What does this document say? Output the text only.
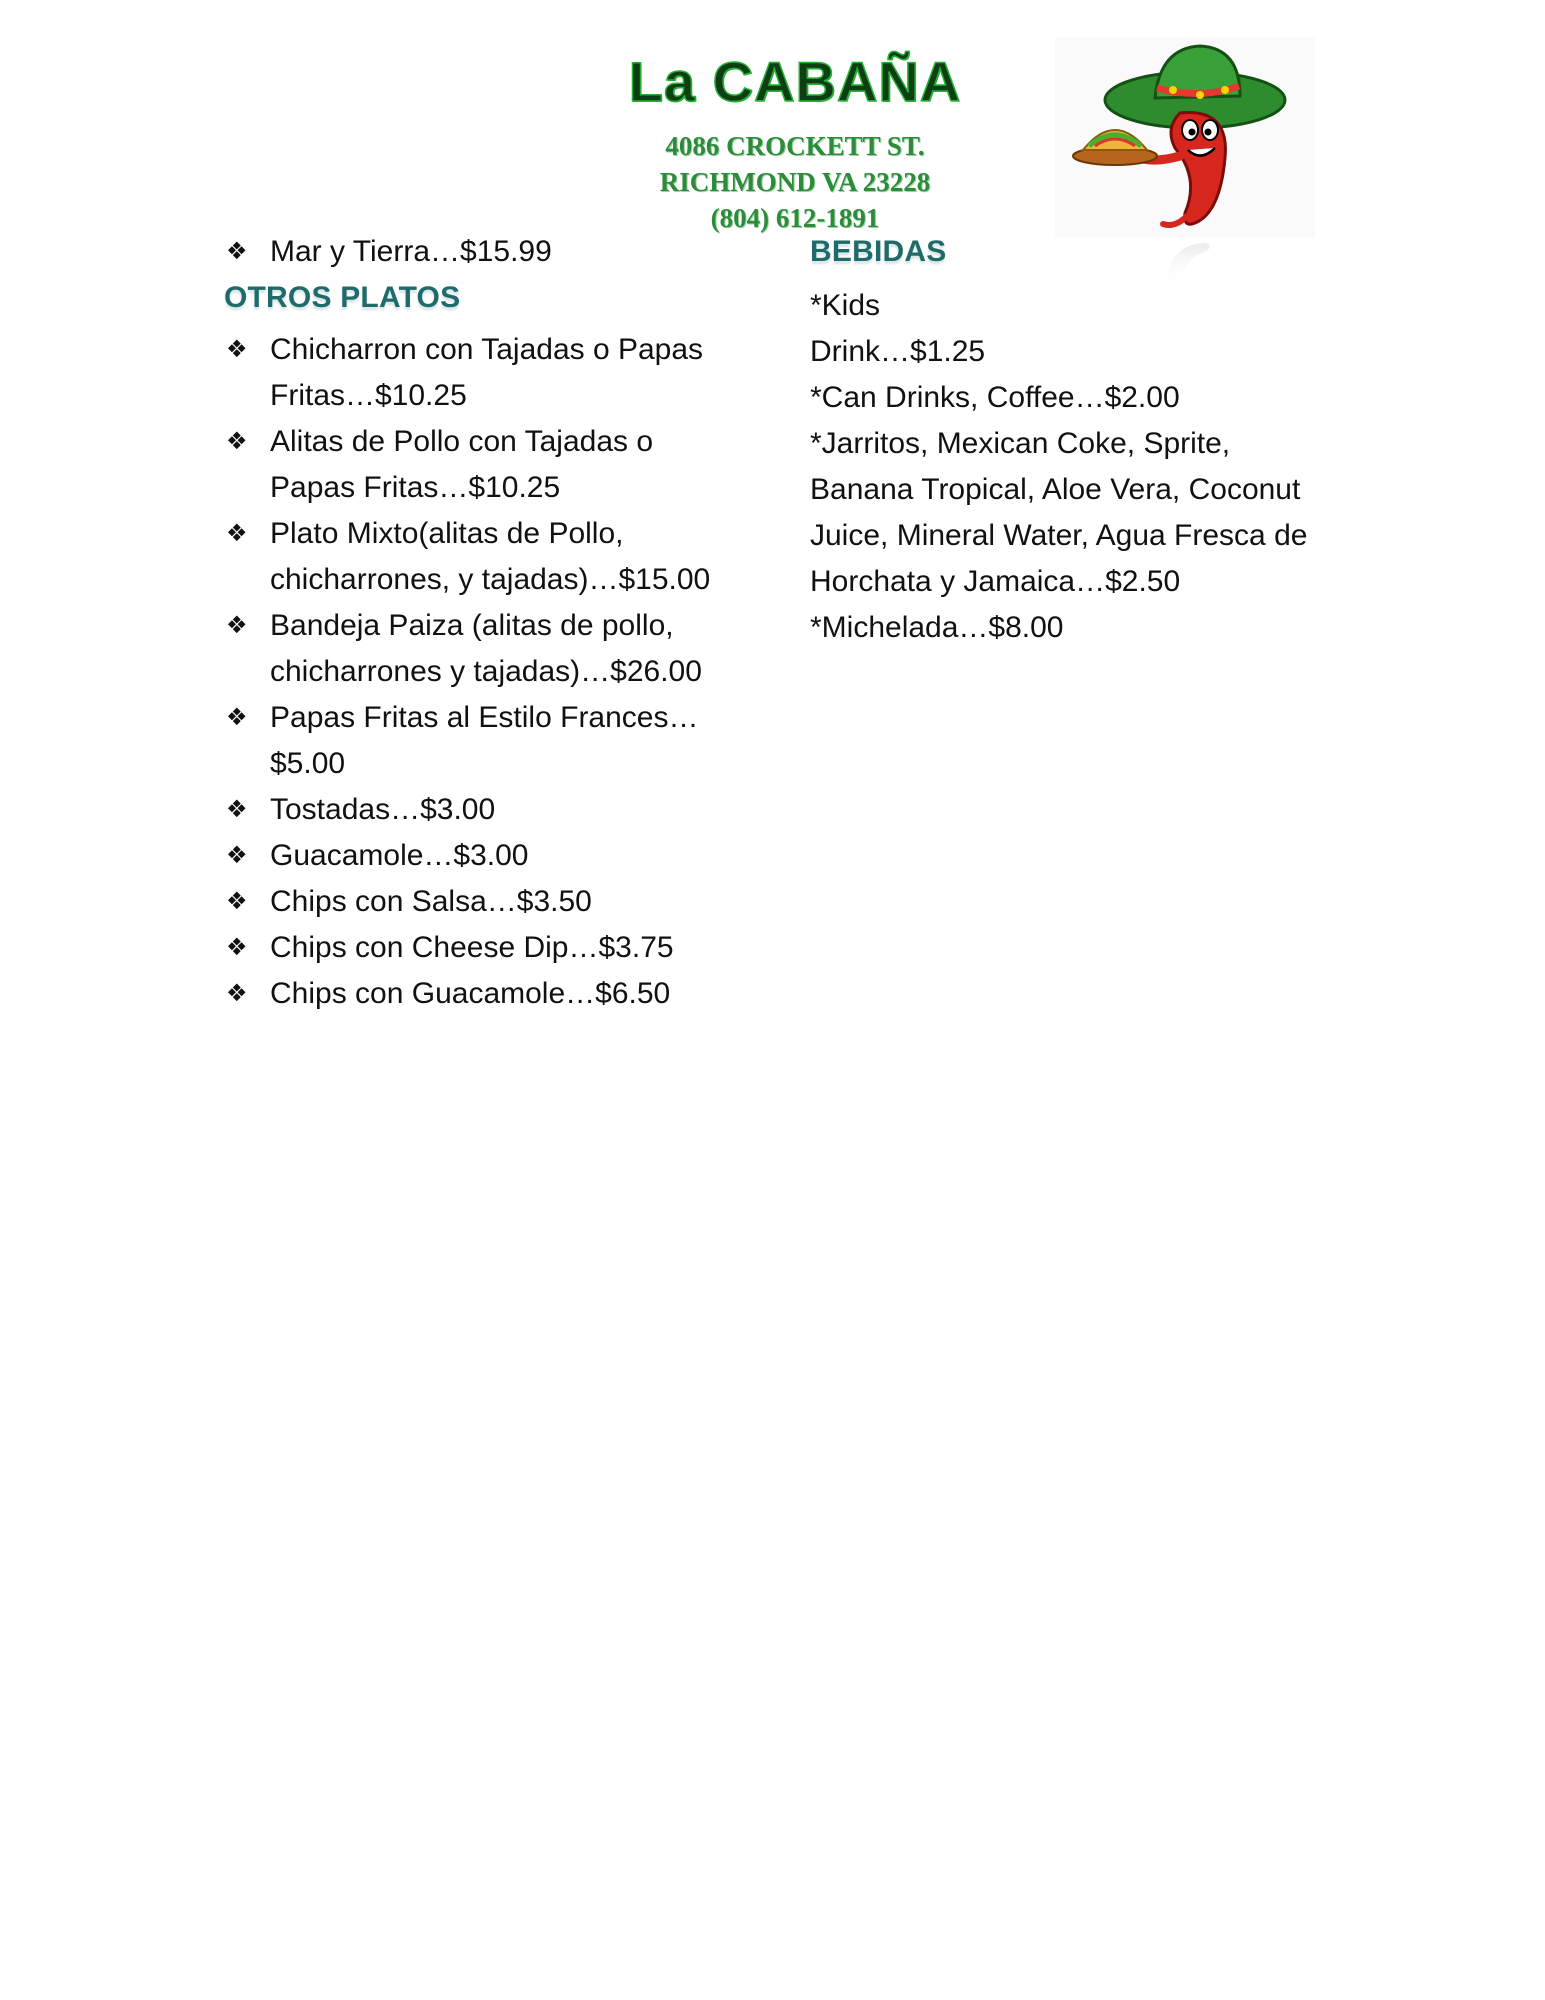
La CABAÑA
4086 CROCKETT ST.
RICHMOND VA 23228
(804) 612-1891
❖ Mar y Tierra…$15.99
OTROS PLATOS
❖ Chicharron con Tajadas o Papas Fritas…$10.25
❖ Alitas de Pollo con Tajadas o Papas Fritas…$10.25
❖ Plato Mixto(alitas de Pollo, chicharrones, y tajadas)…$15.00
❖ Bandeja Paiza (alitas de pollo, chicharrones y tajadas)…$26.00
❖ Papas Fritas al Estilo Frances…$5.00
❖ Tostadas…$3.00
❖ Guacamole…$3.00
❖ Chips con Salsa…$3.50
❖ Chips con Cheese Dip…$3.75
❖ Chips con Guacamole…$6.50
BEBIDAS

*Kids

Drink…$1.25

*Can Drinks, Coffee…$2.00

*Jarritos, Mexican Coke, Sprite, Banana Tropical, Aloe Vera, Coconut Juice, Mineral Water, Agua Fresca de Horchata y Jamaica…$2.50

*Michelada…$8.00
